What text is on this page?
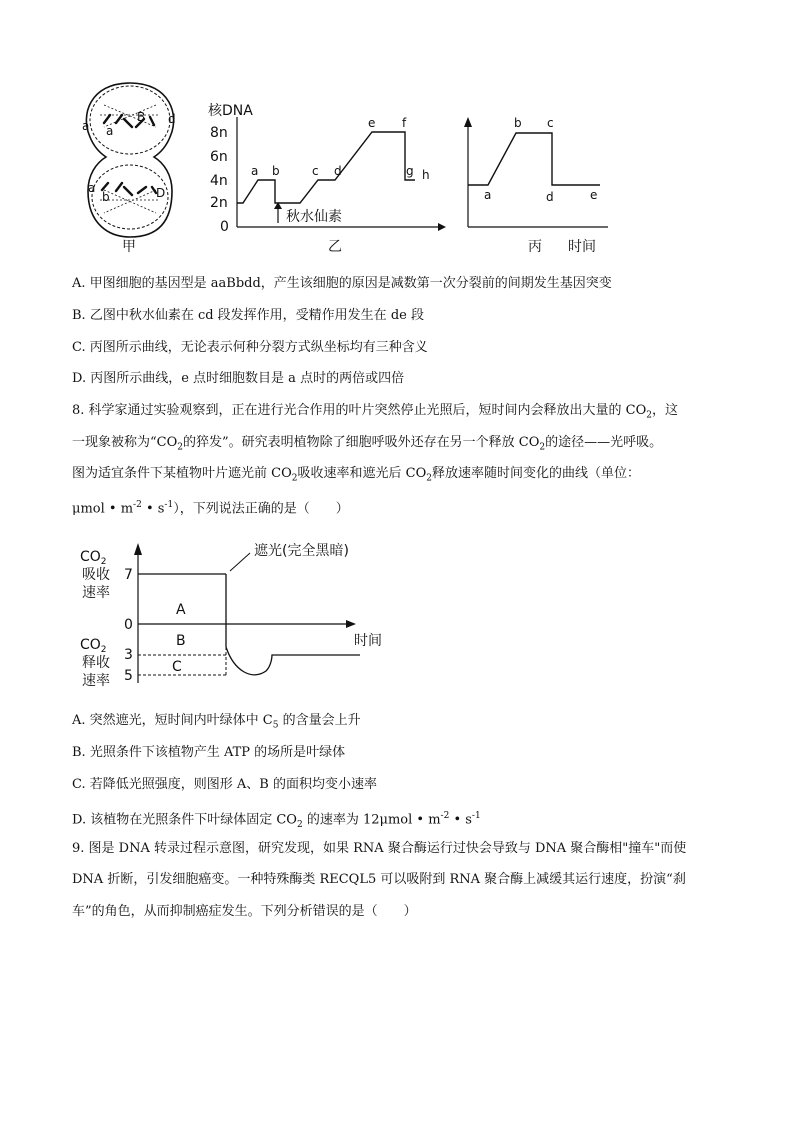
a a
B d
a
b	D
甲
核DNA
8n
6n
4n
2n
0
a b	c d
e f
g h
秋水仙素
乙
a
b c
d	e
丙 时间
A. 甲图细胞的基因型是 aaBbdd，产生该细胞的原因是减数第一次分裂前的间期发生基因突变
B. 乙图中秋水仙素在 cd 段发挥作用，受精作用发生在 de 段
C. 丙图所示曲线，无论表示何种分裂方式纵坐标均有三种含义
D. 丙图所示曲线，e 点时细胞数目是 a 点时的两倍或四倍
8. 科学家通过实验观察到，正在进行光合作用的叶片突然停止光照后，短时间内会释放出大量的 $CO_2$，这
一现象被称为“$CO_2$的猝发”。研究表明植物除了细胞呼吸外还存在另一个释放 $CO_2$的途径——光呼吸。
图为适宜条件下某植物叶片遮光前 $CO_2$吸收速率和遮光后 $CO_2$释放速率随时间变化的曲线（单位：
μmol • $m^{-2}$ • $s^{-1}$），下列说法正确的是（　　）
$CO_2$
吸收
速率
$CO_2$
释收
速率
时间
7
0
3
5
A
B
C
遮光(完全黑暗)
A. 突然遮光，短时间内叶绿体中 $C_5$ 的含量会上升
B. 光照条件下该植物产生 ATP 的场所是叶绿体
C. 若降低光照强度，则图形 A、B 的面积均变小速率
D. 该植物在光照条件下叶绿体固定 $CO_2$ 的速率为 12μmol • $m^{-2}$ • $s^{-1}$
9. 图是 DNA 转录过程示意图，研究发现，如果 RNA 聚合酶运行过快会导致与 DNA 聚合酶相"撞车"而使
DNA 折断，引发细胞癌变。一种特殊酶类 RECQL5 可以吸附到 RNA 聚合酶上减缓其运行速度，扮演“刹
车”的角色，从而抑制癌症发生。下列分析错误的是（　　）
